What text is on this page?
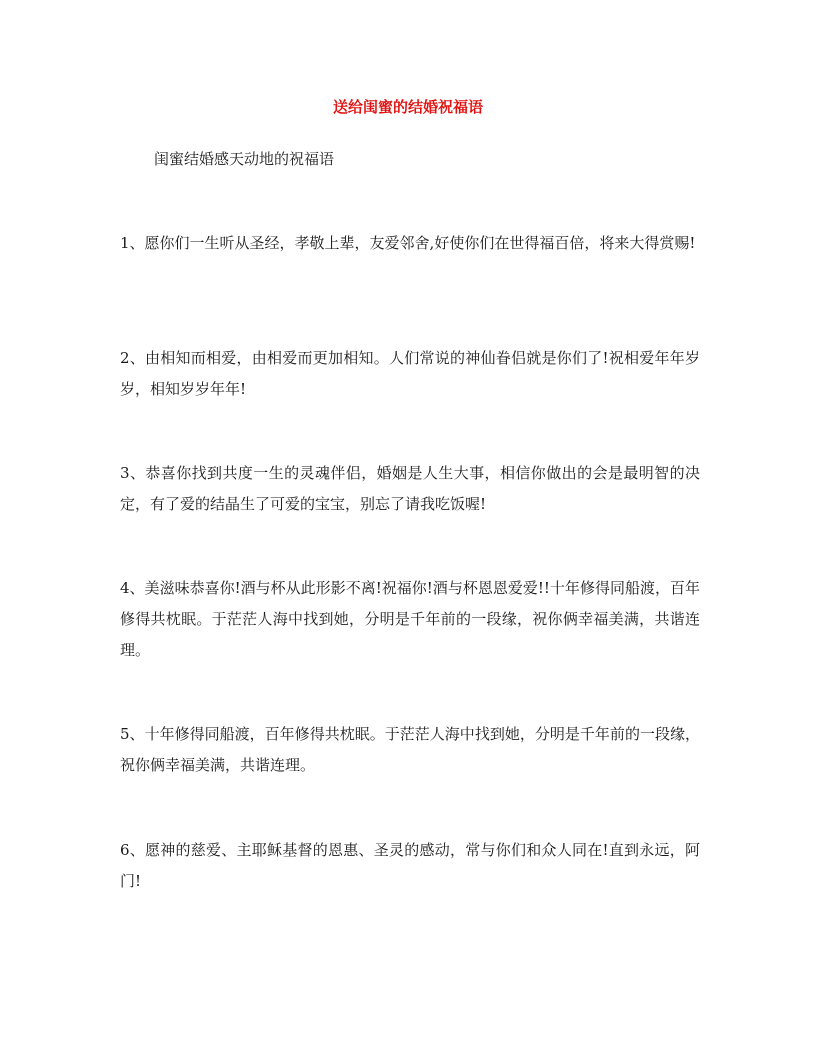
送给闺蜜的结婚祝福语
闺蜜结婚感天动地的祝福语
1、愿你们一生听从圣经，孝敬上辈，友爱邻舍,好使你们在世得福百倍，将来大得赏赐!
2、由相知而相爱，由相爱而更加相知。人们常说的神仙眷侣就是你们了!祝相爱年年岁岁，相知岁岁年年!
3、恭喜你找到共度一生的灵魂伴侣，婚姻是人生大事，相信你做出的会是最明智的决定，有了爱的结晶生了可爱的宝宝，别忘了请我吃饭喔!
4、美滋味恭喜你!酒与杯从此形影不离!祝福你!酒与杯恩恩爱爱!!十年修得同船渡，百年修得共枕眠。于茫茫人海中找到她，分明是千年前的一段缘，祝你俩幸福美满，共谐连理。
5、十年修得同船渡，百年修得共枕眠。于茫茫人海中找到她，分明是千年前的一段缘，祝你俩幸福美满，共谐连理。
6、愿神的慈爱、主耶稣基督的恩惠、圣灵的感动，常与你们和众人同在!直到永远，阿门!
